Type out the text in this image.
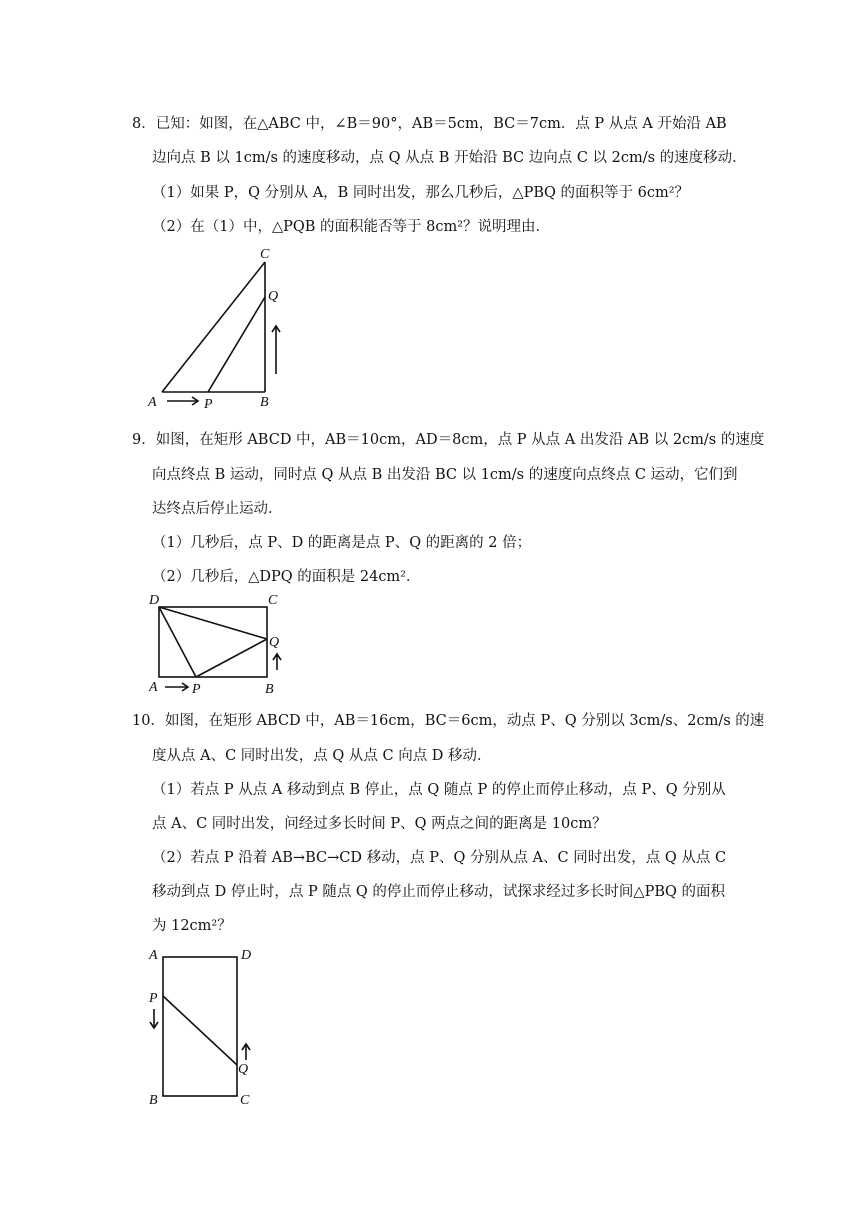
8．已知：如图，在△ABC 中，∠B＝90°，AB＝5cm，BC＝7cm．点 P 从点 A 开始沿 AB
边向点 B 以 1cm/s 的速度移动，点 Q 从点 B 开始沿 BC 边向点 C 以 2cm/s 的速度移动．
（1）如果 P，Q 分别从 A，B 同时出发，那么几秒后，△PBQ 的面积等于 6cm²？
（2）在（1）中，△PQB 的面积能否等于 8cm²？说明理由．
A	P	B
C
Q
9．如图，在矩形 ABCD 中，AB＝10cm，AD＝8cm，点 P 从点 A 出发沿 AB 以 2cm/s 的速度
向点终点 B 运动，同时点 Q 从点 B 出发沿 BC 以 1cm/s 的速度向点终点 C 运动，它们到
达终点后停止运动．
（1）几秒后，点 P、D 的距离是点 P、Q 的距离的 2 倍；
（2）几秒后，△DPQ 的面积是 24cm²．
D	C
Q
A P	B
10．如图，在矩形 ABCD 中，AB＝16cm，BC＝6cm，动点 P、Q 分别以 3cm/s、2cm/s 的速
度从点 A、C 同时出发，点 Q 从点 C 向点 D 移动．
（1）若点 P 从点 A 移动到点 B 停止，点 Q 随点 P 的停止而停止移动，点 P、Q 分别从
点 A、C 同时出发，问经过多长时间 P、Q 两点之间的距离是 10cm？
（2）若点 P 沿着 AB→BC→CD 移动，点 P、Q 分别从点 A、C 同时出发，点 Q 从点 C
移动到点 D 停止时，点 P 随点 Q 的停止而停止移动，试探求经过多长时间△PBQ 的面积
为 12cm²？
A	D
P
Q
B	C
